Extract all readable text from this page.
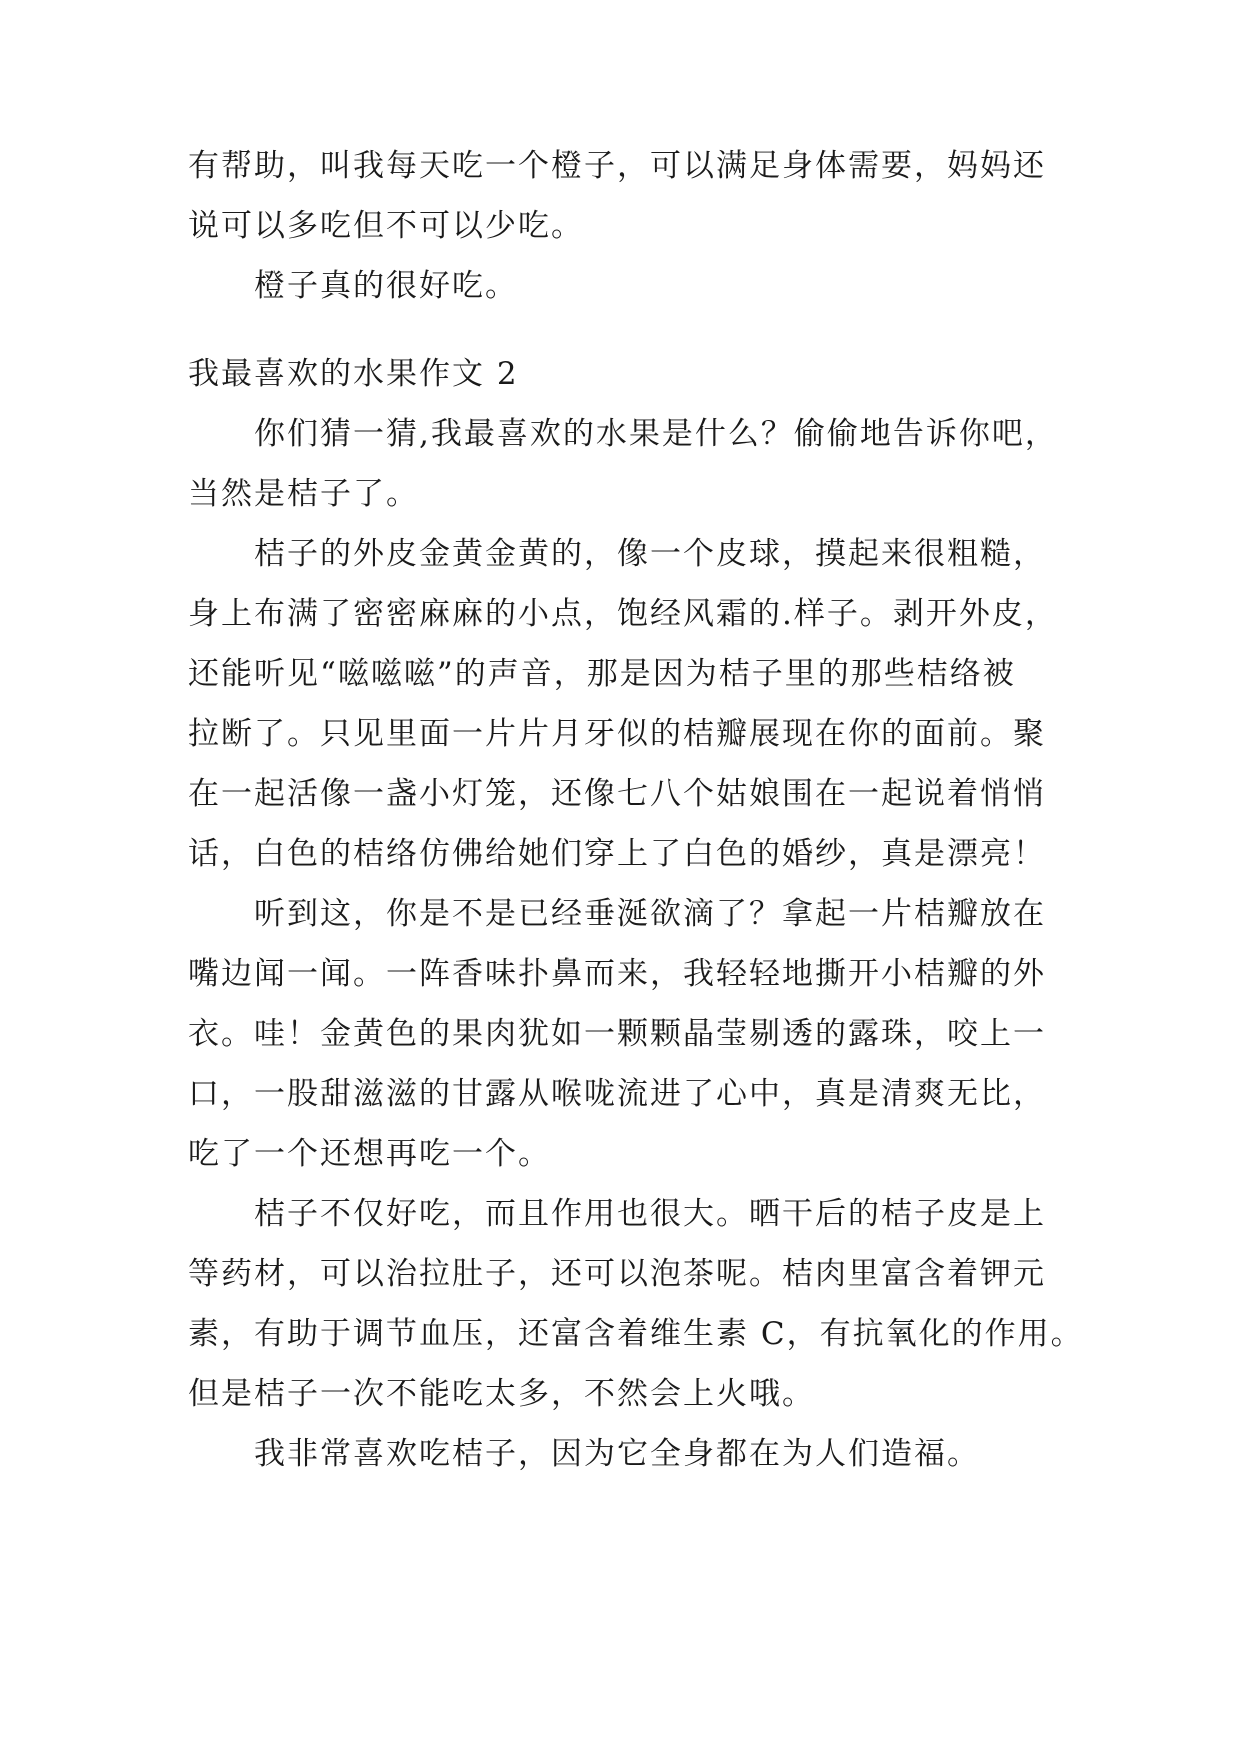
有帮助，叫我每天吃一个橙子，可以满足身体需要，妈妈还
说可以多吃但不可以少吃。
橙子真的很好吃。
我最喜欢的水果作文 2
你们猜一猜,我最喜欢的水果是什么？偷偷地告诉你吧，
当然是桔子了。
桔子的外皮金黄金黄的，像一个皮球，摸起来很粗糙，
身上布满了密密麻麻的小点，饱经风霜的.样子。剥开外皮，
还能听见“嗞嗞嗞”的声音，那是因为桔子里的那些桔络被
拉断了。只见里面一片片月牙似的桔瓣展现在你的面前。聚
在一起活像一盏小灯笼，还像七八个姑娘围在一起说着悄悄
话，白色的桔络仿佛给她们穿上了白色的婚纱，真是漂亮！
听到这，你是不是已经垂涎欲滴了？拿起一片桔瓣放在
嘴边闻一闻。一阵香味扑鼻而来，我轻轻地撕开小桔瓣的外
衣。哇！金黄色的果肉犹如一颗颗晶莹剔透的露珠，咬上一
口，一股甜滋滋的甘露从喉咙流进了心中，真是清爽无比，
吃了一个还想再吃一个。
桔子不仅好吃，而且作用也很大。晒干后的桔子皮是上
等药材，可以治拉肚子，还可以泡茶呢。桔肉里富含着钾元
素，有助于调节血压，还富含着维生素 C，有抗氧化的作用。
但是桔子一次不能吃太多，不然会上火哦。
我非常喜欢吃桔子，因为它全身都在为人们造福。
